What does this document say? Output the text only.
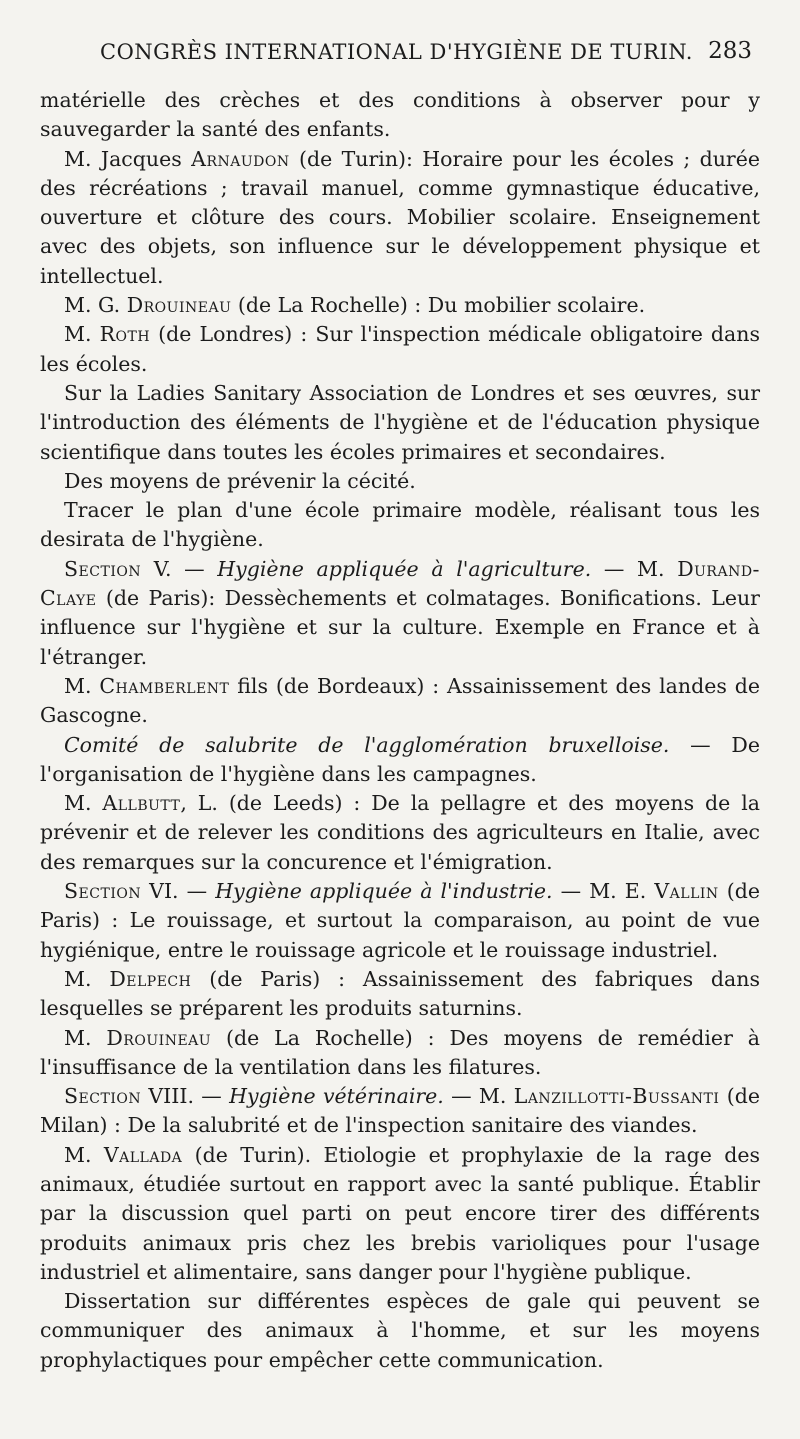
CONGRÈS INTERNATIONAL D'HYGIÈNE DE TURIN. 283

matérielle des crèches et des conditions à observer pour y sauvegarder la santé des enfants.

M. Jacques Arnaudon (de Turin): Horaire pour les écoles ; durée des récréations ; travail manuel, comme gymnastique éducative, ouverture et clôture des cours. Mobilier scolaire. Enseignement avec des objets, son influence sur le développement physique et intellectuel.

M. G. Drouineau (de La Rochelle) : Du mobilier scolaire.

M. Roth (de Londres) : Sur l'inspection médicale obligatoire dans les écoles.

Sur la Ladies Sanitary Association de Londres et ses œuvres, sur l'introduction des éléments de l'hygiène et de l'éducation physique scientifique dans toutes les écoles primaires et secondaires.

Des moyens de prévenir la cécité.

Tracer le plan d'une école primaire modèle, réalisant tous les desirata de l'hygiène.

Section V. — Hygiène appliquée à l'agriculture. — M. Durand-Claye (de Paris): Dessèchements et colmatages. Bonifications. Leur influence sur l'hygiène et sur la culture. Exemple en France et à l'étranger.

M. Chamberlent fils (de Bordeaux) : Assainissement des landes de Gascogne.

Comité de salubrite de l'agglomération bruxelloise. — De l'organisation de l'hygiène dans les campagnes.

M. Allbutt, L. (de Leeds) : De la pellagre et des moyens de la prévenir et de relever les conditions des agriculteurs en Italie, avec des remarques sur la concurence et l'émigration.

Section VI. — Hygiène appliquée à l'industrie. — M. E. Vallin (de Paris) : Le rouissage, et surtout la comparaison, au point de vue hygiénique, entre le rouissage agricole et le rouissage industriel.

M. Delpech (de Paris) : Assainissement des fabriques dans lesquelles se préparent les produits saturnins.

M. Drouineau (de La Rochelle) : Des moyens de remédier à l'insuffisance de la ventilation dans les filatures.

Section VIII. — Hygiène vétérinaire. — M. Lanzillotti-Bussanti (de Milan) : De la salubrité et de l'inspection sanitaire des viandes.

M. Vallada (de Turin). Etiologie et prophylaxie de la rage des animaux, étudiée surtout en rapport avec la santé publique. Établir par la discussion quel parti on peut encore tirer des différents produits animaux pris chez les brebis varioliques pour l'usage industriel et alimentaire, sans danger pour l'hygiène publique.

Dissertation sur différentes espèces de gale qui peuvent se communiquer des animaux à l'homme, et sur les moyens prophylactiques pour empêcher cette communication.
